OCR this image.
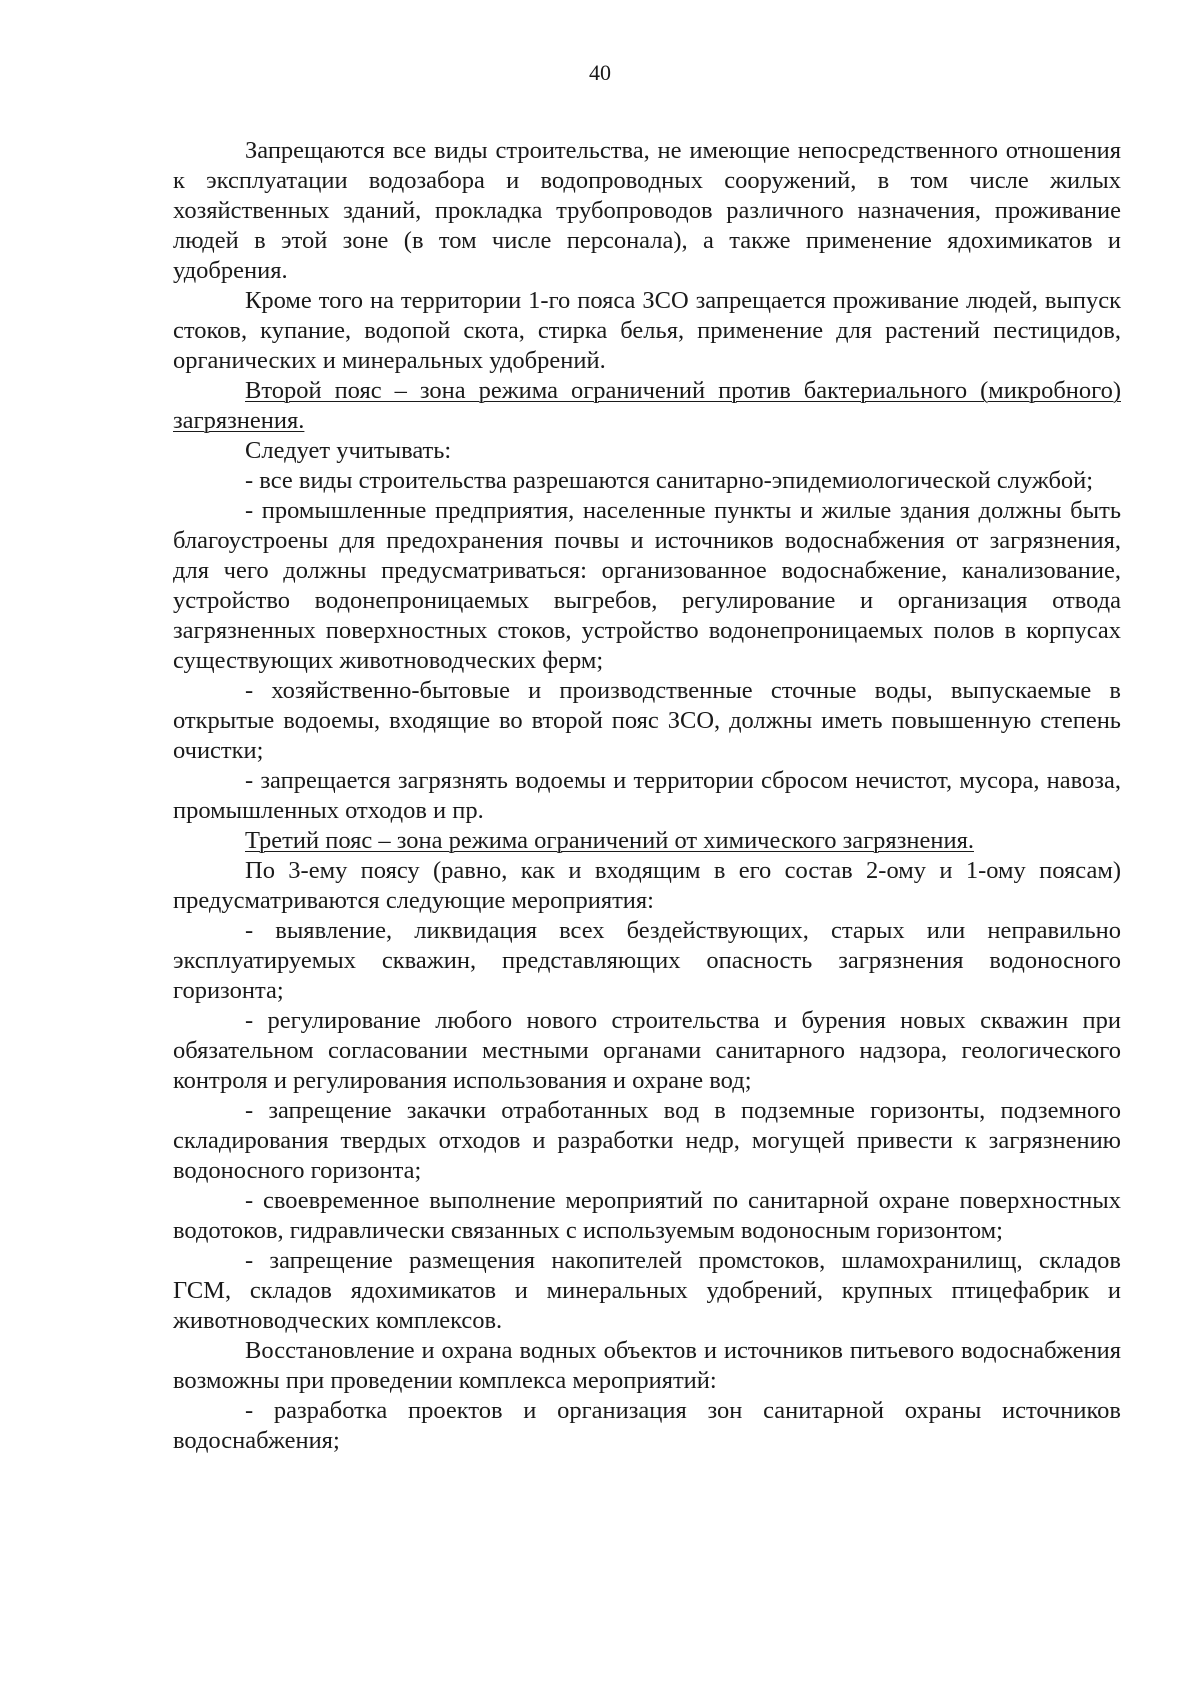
40

Запрещаются все виды строительства, не имеющие непосредственного отношения к эксплуатации водозабора и водопроводных сооружений, в том числе жилых хозяйственных зданий, прокладка трубопроводов различного назначения, проживание людей в этой зоне (в том числе персонала), а также применение ядохимикатов и удобрения.

Кроме того на территории 1-го пояса ЗСО запрещается проживание людей, выпуск стоков, купание, водопой скота, стирка белья, применение для растений пестицидов, органических и минеральных удобрений.

Второй пояс – зона режима ограничений против бактериального (микробного) загрязнения.

Следует учитывать:

- все виды строительства разрешаются санитарно-эпидемиологической службой;

- промышленные предприятия, населенные пункты и жилые здания должны быть благоустроены для предохранения почвы и источников водоснабжения от загрязнения, для чего должны предусматриваться: организованное водоснабжение, канализование, устройство водонепроницаемых выгребов, регулирование и организация отвода загрязненных поверхностных стоков, устройство водонепроницаемых полов в корпусах существующих животноводческих ферм;

- хозяйственно-бытовые и производственные сточные воды, выпускаемые в открытые водоемы, входящие во второй пояс ЗСО, должны иметь повышенную степень очистки;

- запрещается загрязнять водоемы и территории сбросом нечистот, мусора, навоза, промышленных отходов и пр.

Третий пояс – зона режима ограничений от химического загрязнения.

По 3-ему поясу (равно, как и входящим в его состав 2-ому и 1-ому поясам) предусматриваются следующие мероприятия:

- выявление, ликвидация всех бездействующих, старых или неправильно эксплуатируемых скважин, представляющих опасность загрязнения водоносного горизонта;

- регулирование любого нового строительства и бурения новых скважин при обязательном согласовании местными органами санитарного надзора, геологического контроля и регулирования использования и охране вод;

- запрещение закачки отработанных вод в подземные горизонты, подземного складирования твердых отходов и разработки недр, могущей привести к загрязнению водоносного горизонта;

- своевременное выполнение мероприятий по санитарной охране поверхностных водотоков, гидравлически связанных с используемым водоносным горизонтом;

- запрещение размещения накопителей промстоков, шламохранилищ, складов ГСМ, складов ядохимикатов и минеральных удобрений, крупных птицефабрик и животноводческих комплексов.

Восстановление и охрана водных объектов и источников питьевого водоснабжения возможны при проведении комплекса мероприятий:

- разработка проектов и организация зон санитарной охраны источников водоснабжения;
